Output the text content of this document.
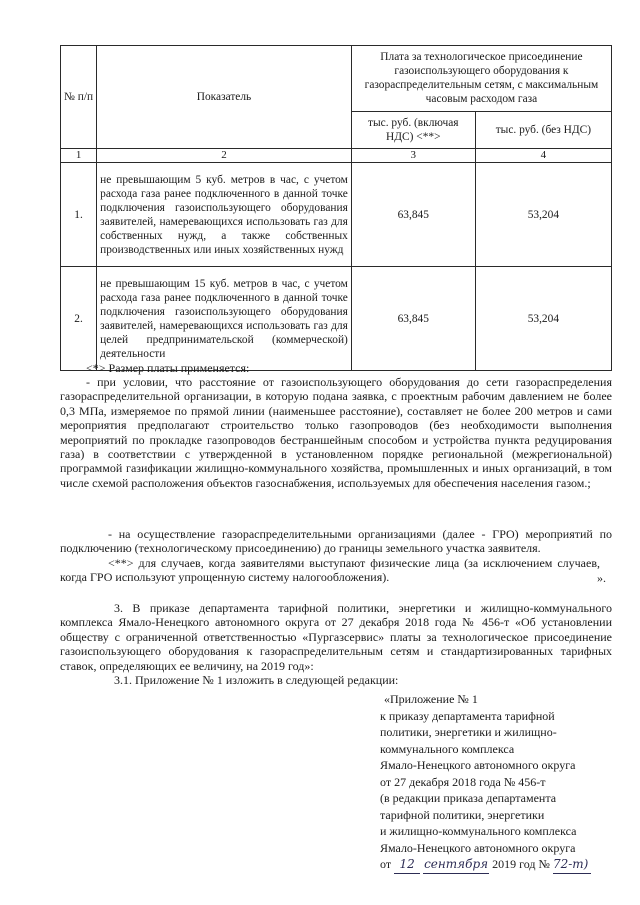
№ п/п	Показатель	Плата за технологическое присоединение газоиспользующего оборудования к газораспределительным сетям, с максимальным часовым расходом газа	
		тыс. руб. (включая НДС) <**>	тыс. руб. (без НДС)
1	2	3	4
1.	не превышающим 5 куб. метров в час, с учетом расхода газа ранее подключенного в данной точке подключения газоиспользующего оборудования заявителей, намеревающихся использовать газ для собственных нужд, а также собственных производственных или иных хозяйственных нужд	63,845	53,204
2.	не превышающим 15 куб. метров в час, с учетом расхода газа ранее подключенного в данной точке подключения газоиспользующего оборудования заявителей, намеревающихся использовать газ для целей предпринимательской (коммерческой) деятельности	63,845	53,204
<*> Размер платы применяется:
- при условии, что расстояние от газоиспользующего оборудования до сети газораспределения газораспределительной организации, в которую подана заявка, с проектным рабочим давлением не более 0,3 МПа, измеряемое по прямой линии (наименьшее расстояние), составляет не более 200 метров и сами мероприятия предполагают строительство только газопроводов (без необходимости выполнения мероприятий по прокладке газопроводов бестраншейным способом и устройства пункта редуцирования газа) в соответствии с утвержденной в установленном порядке региональной (межрегиональной) программой газификации жилищно-коммунального хозяйства, промышленных и иных организаций, в том числе схемой расположения объектов газоснабжения, используемых для обеспечения населения газом.;
- на осуществление газораспределительными организациями (далее - ГРО) мероприятий по подключению (технологическому присоединению) до границы земельного участка заявителя.
<**> для случаев, когда заявителями выступают физические лица (за исключением случаев, когда ГРО используют упрощенную систему налогообложения).	».
3. В приказе департамента тарифной политики, энергетики и жилищно-коммунального комплекса Ямало-Ненецкого автономного округа от 27 декабря 2018 года № 456-т «Об установлении обществу с ограниченной ответственностью «Пургазсервис» платы за технологическое присоединение газоиспользующего оборудования к газораспределительным сетям и стандартизированных тарифных ставок, определяющих ее величину, на 2019 год»:
3.1. Приложение № 1 изложить в следующей редакции:
«Приложение № 1
к приказу департамента тарифной
политики, энергетики и жилищно-
коммунального комплекса
Ямало-Ненецкого автономного округа
от 27 декабря 2018 года № 456-т
(в редакции приказа департамента
тарифной политики, энергетики
и жилищно-коммунального комплекса
Ямало-Ненецкого автономного округа
от 12 сентября 2019 год № 72-т)
